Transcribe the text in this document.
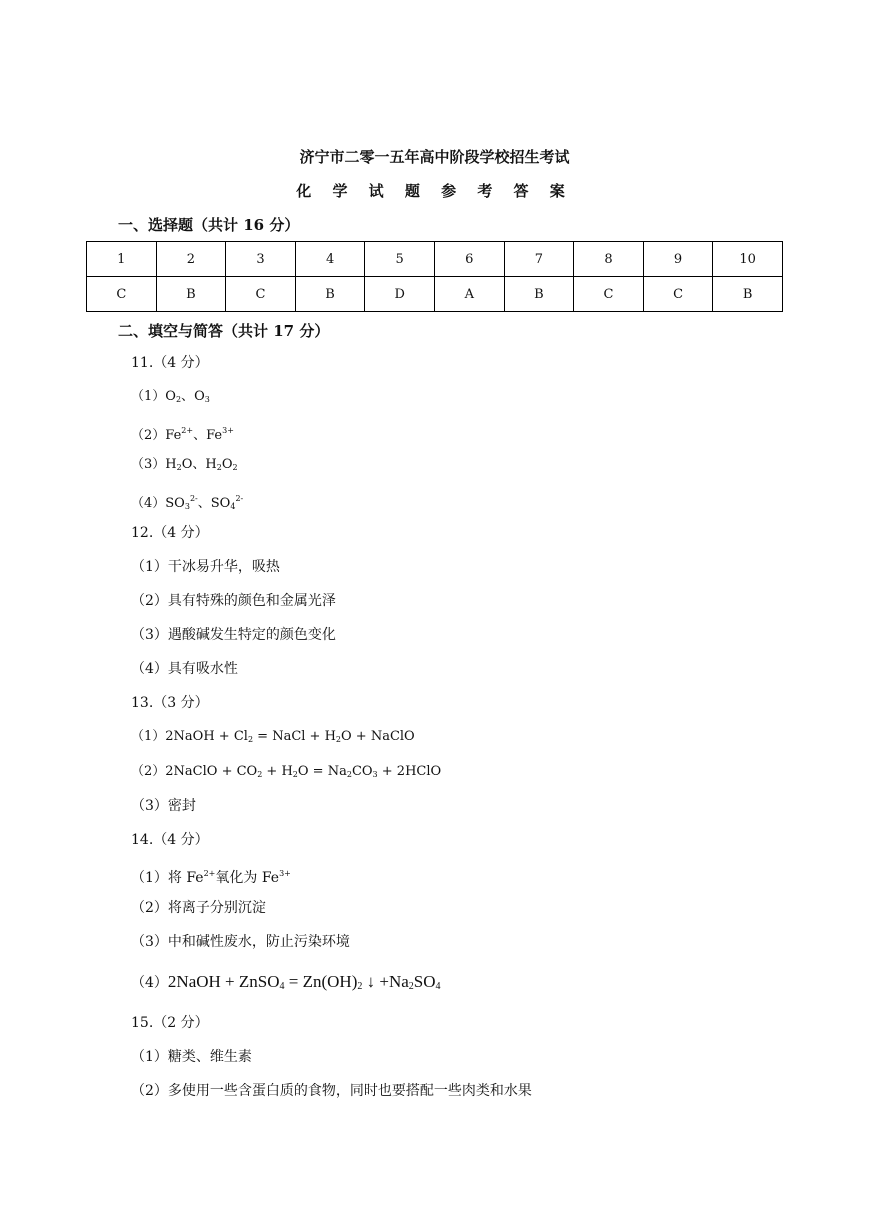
济宁市二零一五年高中阶段学校招生考试
化 学 试 题 参 考 答 案
一、选择题（共计 16 分）
1	2	3	4	5	6	7	8	9	10
C	B	C	B	D	A	B	C	C	B
二、填空与简答（共计 17 分）
11.（4 分）
$(1)O_2$、$O_3$
$(2)Fe^{2+}$、$Fe^{3+}$
$(3)H_2O$、$H_2O_2$
$(4)SO_3^{2-}$、$SO_4^{2-}$
12.（4 分）
（1）干冰易升华，吸热
（2）具有特殊的颜色和金属光泽
（3）遇酸碱发生特定的颜色变化
（4）具有吸水性
13.（3 分）
（1）2NaOH + $Cl_2$ = NaCl + $H_2O$ + NaClO
（2）2NaClO + $CO_2 + H_2O = Na_2CO_3$ + 2HClO
（3）密封
14.（4 分）
（1）将 $Fe^{2+}$氧化为 $Fe^{3+}$
（2）将离子分别沉淀
（3）中和碱性废水，防止污染环境
（4）2NaOH + ZnSO$_4$ = $Zn(OH)_2$ ↓ $+Na_2SO_4$
15.（2 分）
（1）糖类、维生素
（2）多使用一些含蛋白质的食物，同时也要搭配一些肉类和水果
